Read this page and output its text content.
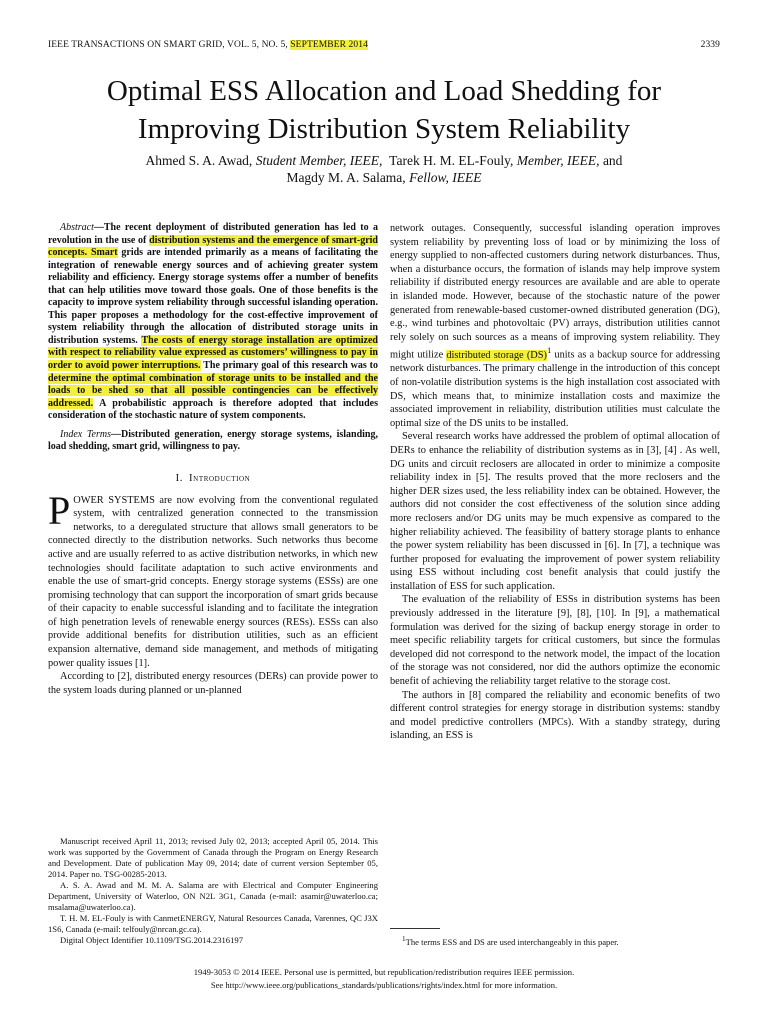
IEEE TRANSACTIONS ON SMART GRID, VOL. 5, NO. 5, SEPTEMBER 2014	2339
Optimal ESS Allocation and Load Shedding for
Improving Distribution System Reliability
Ahmed S. A. Awad, Student Member, IEEE, Tarek H. M. EL-Fouly, Member, IEEE, and
Magdy M. A. Salama, Fellow, IEEE

Abstract—The recent deployment of distributed generation has led to a revolution in the use of distribution systems and the emergence of smart-grid concepts. Smart grids are intended primarily as a means of facilitating the integration of renewable energy sources and of achieving greater system reliability and efficiency. Energy storage systems offer a number of benefits that can help utilities move toward those goals. One of those benefits is the capacity to improve system reliability through successful islanding operation. This paper proposes a methodology for the cost-effective improvement of system reliability through the allocation of distributed storage units in distribution systems. The costs of energy storage installation are optimized with respect to reliability value expressed as customers’ willingness to pay in order to avoid power interruptions. The primary goal of this research was to determine the optimal combination of storage units to be installed and the loads to be shed so that all possible contingencies can be effectively addressed. A probabilistic approach is therefore adopted that includes consideration of the stochastic nature of system components.

Index Terms—Distributed generation, energy storage systems, islanding, load shedding, smart grid, willingness to pay.

I. Introduction

POWER SYSTEMS are now evolving from the conventional regulated system, with centralized generation connected to the transmission networks, to a deregulated structure that allows small generators to be connected directly to the distribution networks. Such networks thus become active and are usually referred to as active distribution networks, in which new technologies should facilitate adaptation to such active environments and enable the use of smart-grid concepts. Energy storage systems (ESSs) are one promising technology that can support the incorporation of smart grids because of their capacity to enable successful islanding and to facilitate the integration of high penetration levels of renewable energy sources (RESs). ESSs can also provide additional benefits for distribution utilities, such as an efficient expansion alternative, demand side management, and methods of mitigating power quality issues [1].

According to [2], distributed energy resources (DERs) can provide power to the system loads during planned or un-planned

Manuscript received April 11, 2013; revised July 02, 2013; accepted April 05, 2014. This work was supported by the Government of Canada through the Program on Energy Research and Development. Date of publication May 09, 2014; date of current version September 05, 2014. Paper no. TSG-00285-2013.

A. S. A. Awad and M. M. A. Salama are with Electrical and Computer Engineering Department, University of Waterloo, ON N2L 3G1, Canada (e-mail: asamir@uwaterloo.ca; msalama@uwaterloo.ca).

T. H. M. EL-Fouly is with CanmetENERGY, Natural Resources Canada, Varennes, QC J3X 1S6, Canada (e-mail: telfouly@nrcan.gc.ca).

Digital Object Identifier 10.1109/TSG.2014.2316197

network outages. Consequently, successful islanding operation improves system reliability by preventing loss of load or by minimizing the loss of energy supplied to non-affected customers during network disturbances. Thus, when a disturbance occurs, the formation of islands may help improve system reliability if distributed energy resources are available and are able to operate in islanded mode. However, because of the stochastic nature of the power generated from renewable-based customer-owned distributed generation (DG), e.g., wind turbines and photovoltaic (PV) arrays, distribution utilities cannot rely solely on such sources as a means of improving system reliability. They might utilize distributed storage (DS)$^1$ units as a backup source for addressing network disturbances. The primary challenge in the introduction of this concept of non-volatile distribution systems is the high installation cost associated with DS, which means that, to minimize installation costs and maximize the associated improvement in reliability, distribution utilities must calculate the optimal size of the DS units to be installed.

Several research works have addressed the problem of optimal allocation of DERs to enhance the reliability of distribution systems as in [3], [4] . As well, DG units and circuit reclosers are allocated in order to minimize a composite reliability index in [5]. The results proved that the more reclosers and the higher DER sizes used, the less reliability index can be obtained. However, the authors did not consider the cost effectiveness of the solution since adding more reclosers and/or DG units may be much expensive as compared to the higher reliability achieved. The feasibility of battery storage plants to enhance the power system reliability has been discussed in [6]. In [7], a technique was further proposed for evaluating the improvement of power system reliability using ESS without including cost benefit analysis that could justify the installation of ESS for such application.

The evaluation of the reliability of ESSs in distribution systems has been previously addressed in the literature [9], [8], [10]. In [9], a mathematical formulation was derived for the sizing of backup energy storage in order to meet specific reliability targets for critical customers, but since the formulas developed did not correspond to the network model, the impact of the location of the storage was not considered, nor did the authors optimize the economic benefit of achieving the reliability target relative to the storage cost.

The authors in [8] compared the reliability and economic benefits of two different control strategies for energy storage in distribution systems: standby and model predictive controllers (MPCs). With a standby strategy, during islanding, an ESS is

$^1$The terms ESS and DS are used interchangeably in this paper.
1949-3053 © 2014 IEEE. Personal use is permitted, but republication/redistribution requires IEEE permission.
See http://www.ieee.org/publications_standards/publications/rights/index.html for more information.
